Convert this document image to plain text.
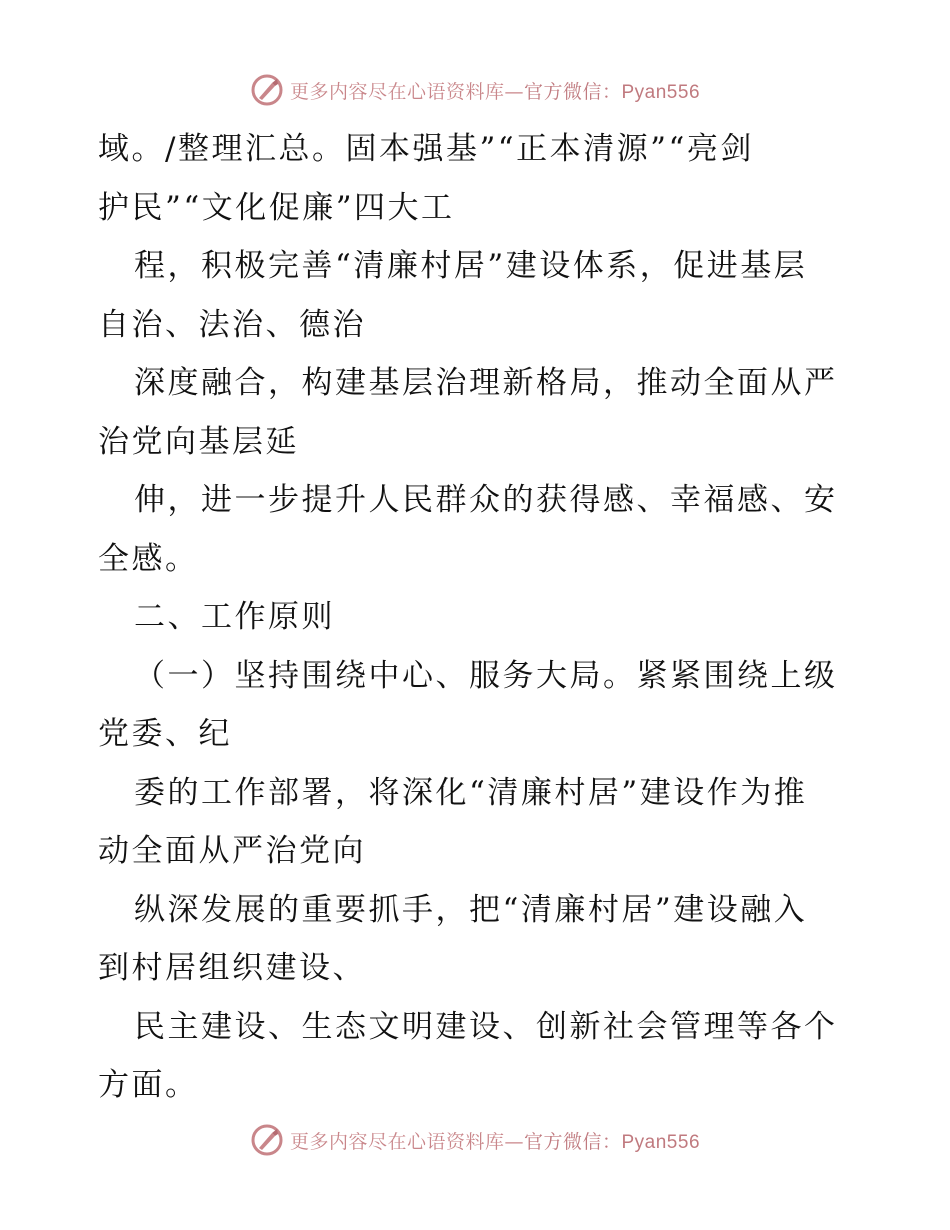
更多内容尽在心语资料库—官方微信：Pyan556
域。/整理汇总。固本强基”“正本清源”“亮剑
护民”“文化促廉”四大工
程，积极完善“清廉村居”建设体系，促进基层
自治、法治、德治
深度融合，构建基层治理新格局，推动全面从严
治党向基层延
伸，进一步提升人民群众的获得感、幸福感、安
全感。
二、工作原则
（一）坚持围绕中心、服务大局。紧紧围绕上级
党委、纪
委的工作部署，将深化“清廉村居”建设作为推
动全面从严治党向
纵深发展的重要抓手，把“清廉村居”建设融入
到村居组织建设、
民主建设、生态文明建设、创新社会管理等各个
方面。
更多内容尽在心语资料库—官方微信：Pyan556
